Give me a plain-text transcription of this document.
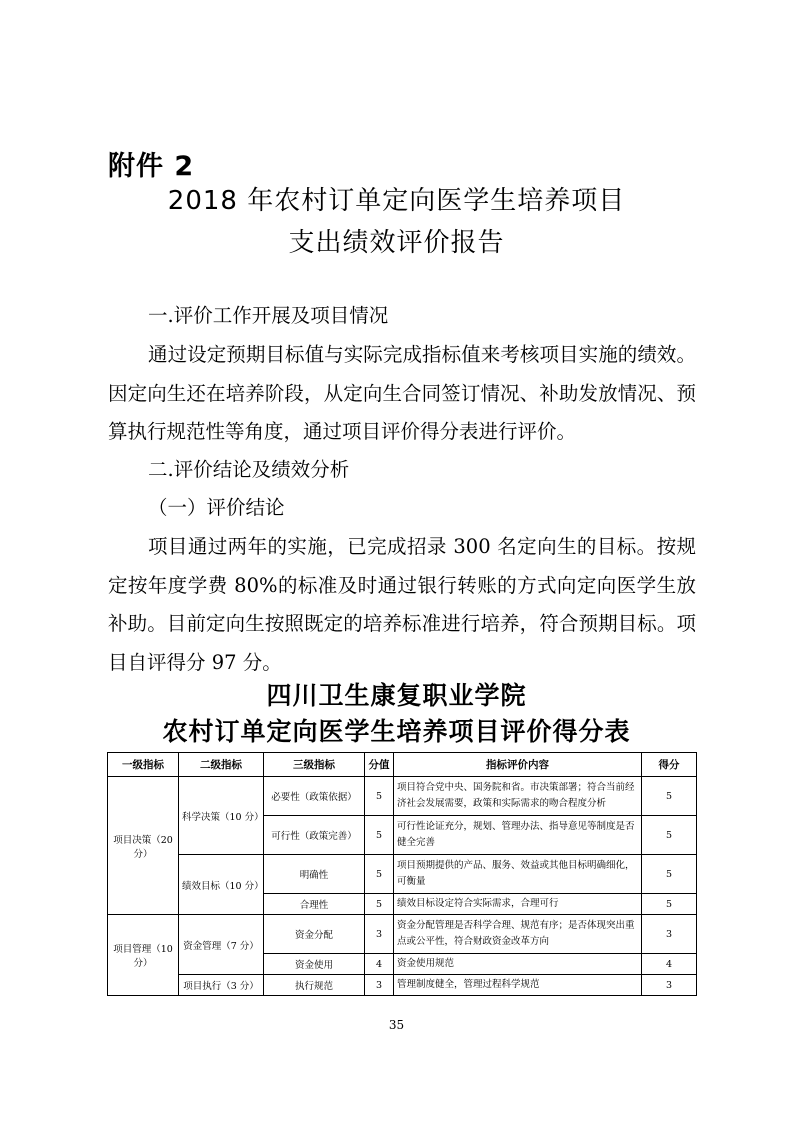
附件 2
2018 年农村订单定向医学生培养项目
支出绩效评价报告
一.评价工作开展及项目情况
通过设定预期目标值与实际完成指标值来考核项目实施的绩效。因定向生还在培养阶段，从定向生合同签订情况、补助发放情况、预算执行规范性等角度，通过项目评价得分表进行评价。
二.评价结论及绩效分析
（一）评价结论
项目通过两年的实施，已完成招录 300 名定向生的目标。按规定按年度学费 80%的标准及时通过银行转账的方式向定向医学生放补助。目前定向生按照既定的培养标准进行培养，符合预期目标。项目自评得分 97 分。
四川卫生康复职业学院
农村订单定向医学生培养项目评价得分表
一级指标	二级指标	三级指标	分值	指标评价内容	得分
项目决策（20分）	科学决策（10 分）	必要性（政策依据）	5	项目符合党中央、国务院和省。市决策部署；符合当前经济社会发展需要，政策和实际需求的吻合程度分析	5
		可行性（政策完善）	5	可行性论证充分，规划、管理办法、指导意见等制度是否健全完善	5
	绩效目标（10 分）	明确性	5	项目预期提供的产品、服务、效益或其他目标明确细化，可衡量	5
		合理性	5	绩效目标设定符合实际需求，合理可行	5
项目管理（10分）	资金管理（7 分）	资金分配	3	资金分配管理是否科学合理、规范有序；是否体现突出重点或公平性，符合财政资金改革方向	3
		资金使用	4	资金使用规范	4
	项目执行（3 分）	执行规范	3	管理制度健全，管理过程科学规范	3
35
